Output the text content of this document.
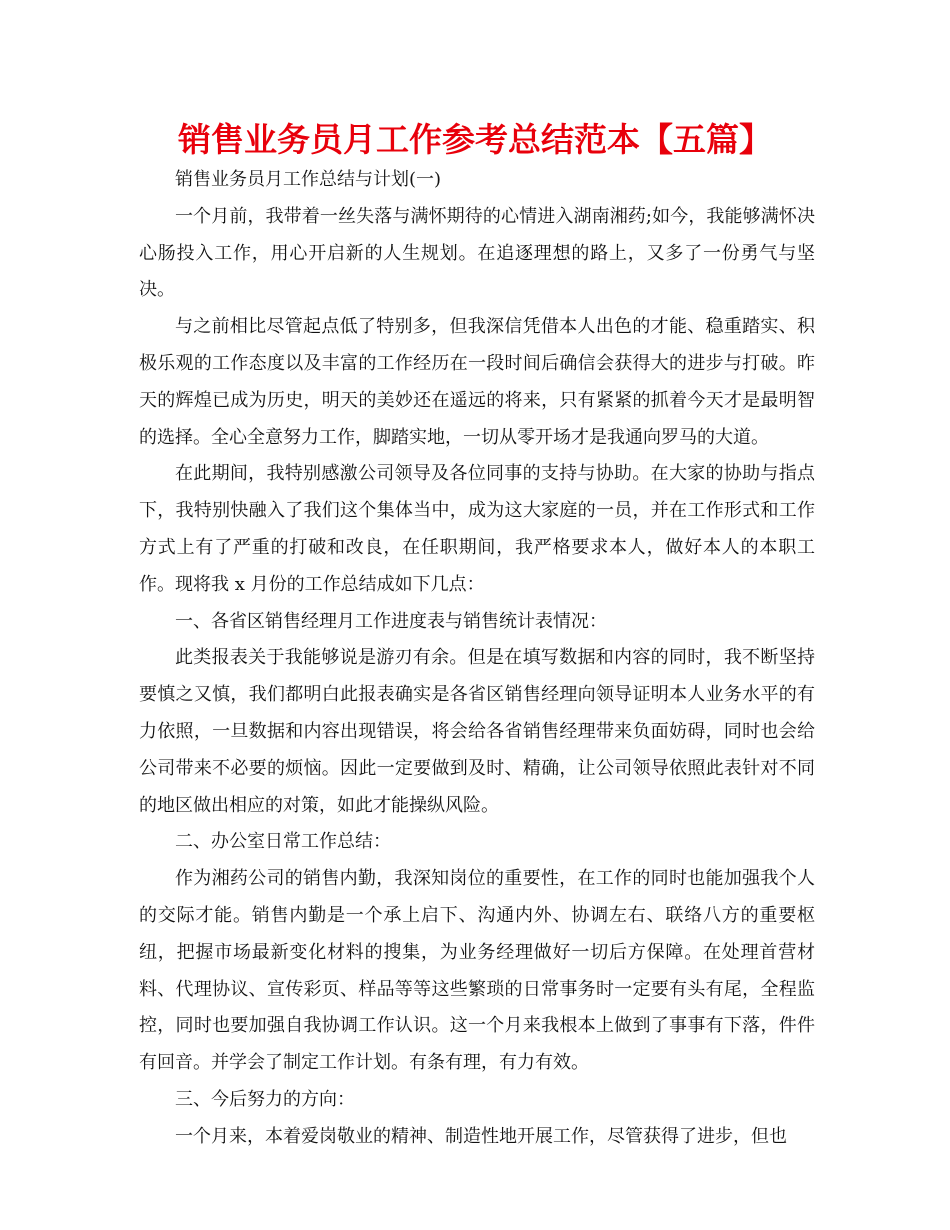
销售业务员月工作参考总结范本【五篇】

销售业务员月工作总结与计划(一)

一个月前，我带着一丝失落与满怀期待的心情进入湖南湘药;如今，我能够满怀决心肠投入工作，用心开启新的人生规划。在追逐理想的路上，又多了一份勇气与坚决。

与之前相比尽管起点低了特别多，但我深信凭借本人出色的才能、稳重踏实、积极乐观的工作态度以及丰富的工作经历在一段时间后确信会获得大的进步与打破。昨天的辉煌已成为历史，明天的美妙还在遥远的将来，只有紧紧的抓着今天才是最明智的选择。全心全意努力工作，脚踏实地，一切从零开场才是我通向罗马的大道。

在此期间，我特别感激公司领导及各位同事的支持与协助。在大家的协助与指点下，我特别快融入了我们这个集体当中，成为这大家庭的一员，并在工作形式和工作方式上有了严重的打破和改良，在任职期间，我严格要求本人，做好本人的本职工作。现将我 x 月份的工作总结成如下几点：

一、各省区销售经理月工作进度表与销售统计表情况：

此类报表关于我能够说是游刃有余。但是在填写数据和内容的同时，我不断坚持要慎之又慎，我们都明白此报表确实是各省区销售经理向领导证明本人业务水平的有力依照，一旦数据和内容出现错误，将会给各省销售经理带来负面妨碍，同时也会给公司带来不必要的烦恼。因此一定要做到及时、精确，让公司领导依照此表针对不同的地区做出相应的对策，如此才能操纵风险。

二、办公室日常工作总结：

作为湘药公司的销售内勤，我深知岗位的重要性，在工作的同时也能加强我个人的交际才能。销售内勤是一个承上启下、沟通内外、协调左右、联络八方的重要枢纽，把握市场最新变化材料的搜集，为业务经理做好一切后方保障。在处理首营材料、代理协议、宣传彩页、样品等等这些繁琐的日常事务时一定要有头有尾，全程监控，同时也要加强自我协调工作认识。这一个月来我根本上做到了事事有下落，件件有回音。并学会了制定工作计划。有条有理，有力有效。

三、今后努力的方向：

一个月来，本着爱岗敬业的精神、制造性地开展工作，尽管获得了进步，但也
